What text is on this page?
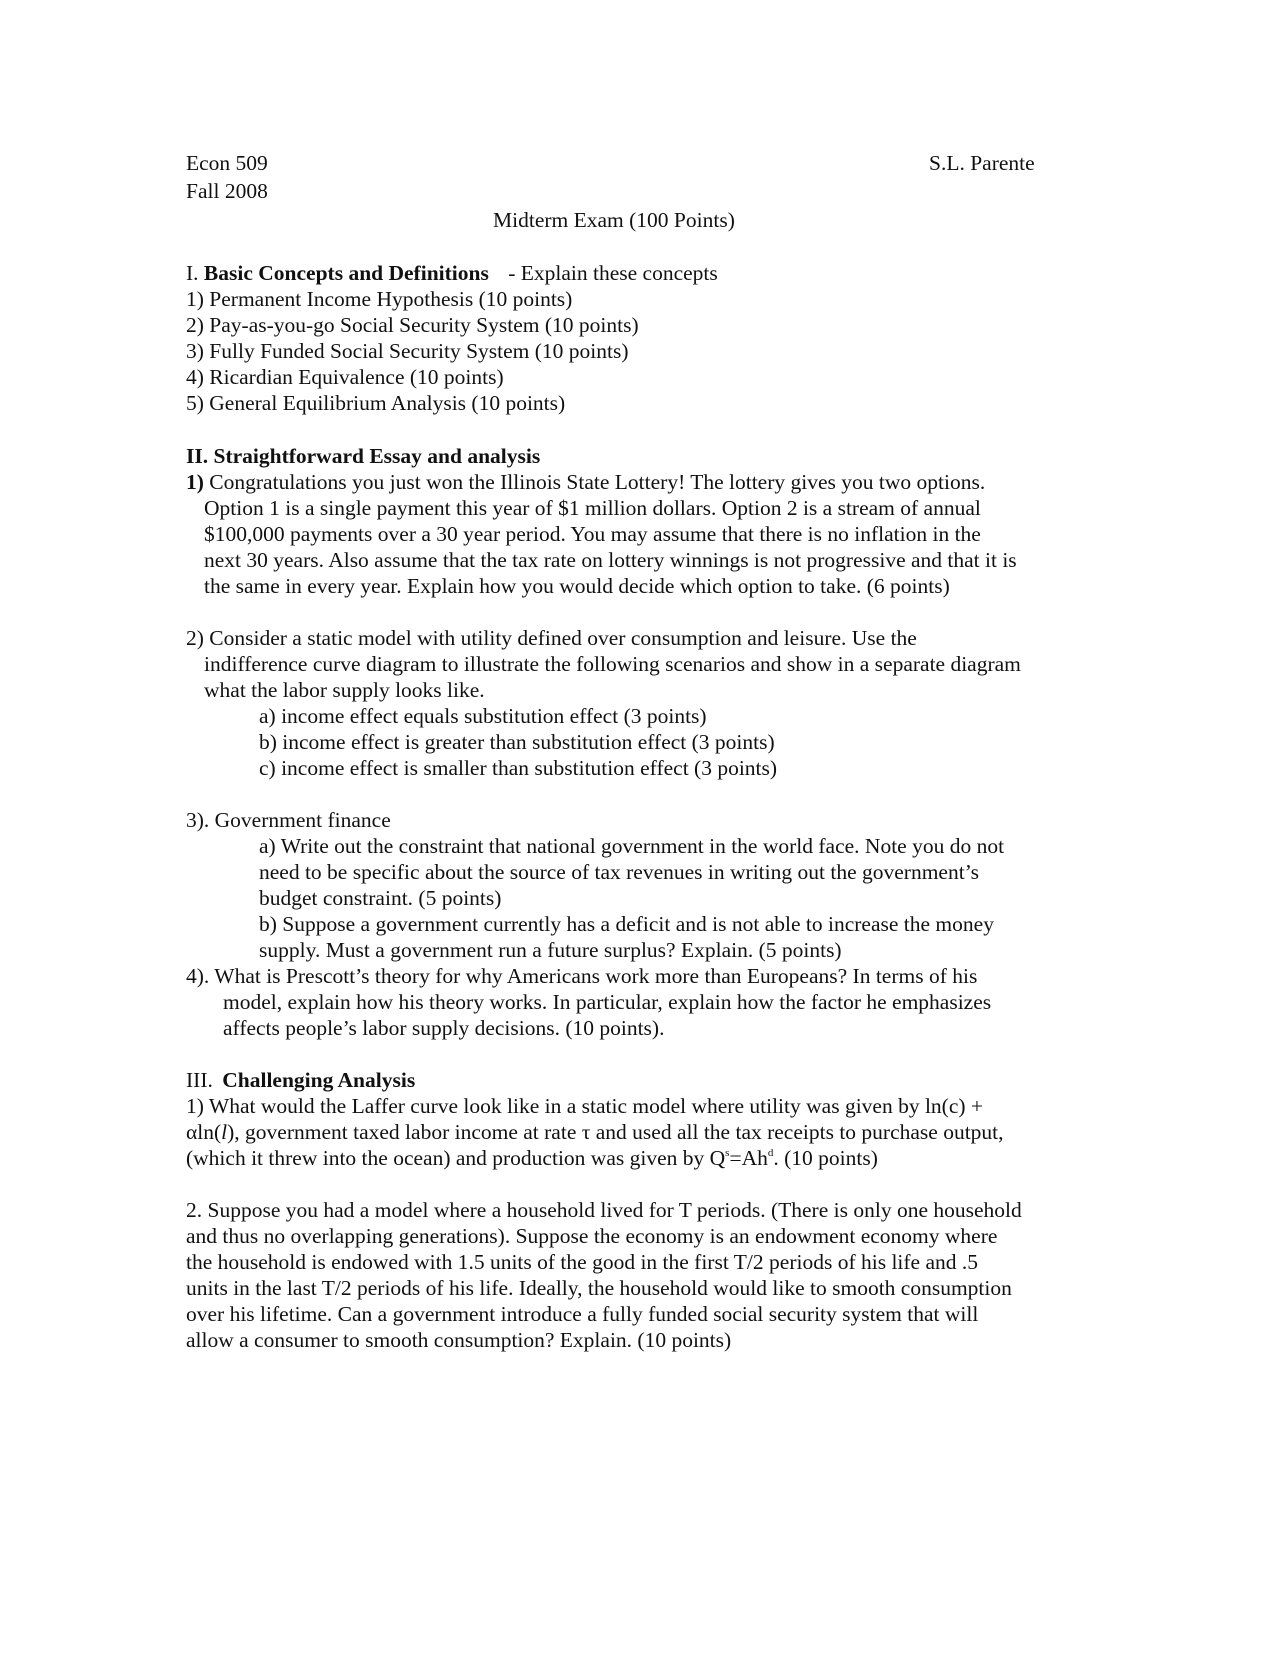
Econ 509
Fall 2008
S.L. Parente
Midterm Exam (100 Points)
I. Basic Concepts and Definitions - Explain these concepts
1) Permanent Income Hypothesis (10 points)
2) Pay-as-you-go Social Security System (10 points)
3) Fully Funded Social Security System (10 points)
4) Ricardian Equivalence (10 points)
5) General Equilibrium Analysis (10 points)
II. Straightforward Essay and analysis
1) Congratulations you just won the Illinois State Lottery! The lottery gives you two options.
Option 1 is a single payment this year of $1 million dollars. Option 2 is a stream of annual
$100,000 payments over a 30 year period. You may assume that there is no inflation in the
next 30 years. Also assume that the tax rate on lottery winnings is not progressive and that it is
the same in every year. Explain how you would decide which option to take. (6 points)
2) Consider a static model with utility defined over consumption and leisure. Use the
indifference curve diagram to illustrate the following scenarios and show in a separate diagram
what the labor supply looks like.
a) income effect equals substitution effect (3 points)
b) income effect is greater than substitution effect (3 points)
c) income effect is smaller than substitution effect (3 points)
3). Government finance
a) Write out the constraint that national government in the world face. Note you do not
need to be specific about the source of tax revenues in writing out the government’s
budget constraint. (5 points)
b) Suppose a government currently has a deficit and is not able to increase the money
supply. Must a government run a future surplus? Explain. (5 points)
4). What is Prescott’s theory for why Americans work more than Europeans? In terms of his
model, explain how his theory works. In particular, explain how the factor he emphasizes
affects people’s labor supply decisions. (10 points).
III. Challenging Analysis
1) What would the Laffer curve look like in a static model where utility was given by ln(c) +
αln(l), government taxed labor income at rate τ and used all the tax receipts to purchase output,
(which it threw into the ocean) and production was given by $Q^s=Ah^d$. (10 points)
2. Suppose you had a model where a household lived for T periods. (There is only one household
and thus no overlapping generations). Suppose the economy is an endowment economy where
the household is endowed with 1.5 units of the good in the first T/2 periods of his life and .5
units in the last T/2 periods of his life. Ideally, the household would like to smooth consumption
over his lifetime. Can a government introduce a fully funded social security system that will
allow a consumer to smooth consumption? Explain. (10 points)
